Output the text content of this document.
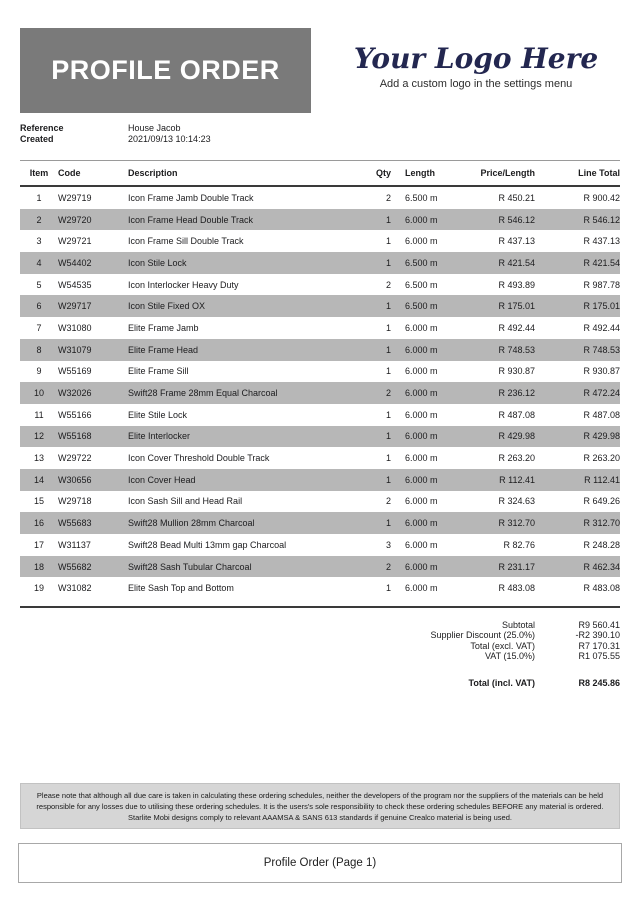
PROFILE ORDER	Your Logo Here
Add a custom logo in the settings menu
Reference	House Jacob
Created	2021/09/13 10:14:23
Item	Code	Description	Qty	Length	Price/Length	Line Total
1	W29719	Icon Frame Jamb Double Track	2	6.500 m	R 450.21	R 900.42
2	W29720	Icon Frame Head Double Track	1	6.000 m	R 546.12	R 546.12
3	W29721	Icon Frame Sill Double Track	1	6.000 m	R 437.13	R 437.13
4	W54402	Icon Stile Lock	1	6.500 m	R 421.54	R 421.54
5	W54535	Icon Interlocker Heavy Duty	2	6.500 m	R 493.89	R 987.78
6	W29717	Icon Stile Fixed OX	1	6.500 m	R 175.01	R 175.01
7	W31080	Elite Frame Jamb	1	6.000 m	R 492.44	R 492.44
8	W31079	Elite Frame Head	1	6.000 m	R 748.53	R 748.53
9	W55169	Elite Frame Sill	1	6.000 m	R 930.87	R 930.87
10	W32026	Swift28 Frame 28mm Equal Charcoal	2	6.000 m	R 236.12	R 472.24
11	W55166	Elite Stile Lock	1	6.000 m	R 487.08	R 487.08
12	W55168	Elite Interlocker	1	6.000 m	R 429.98	R 429.98
13	W29722	Icon Cover Threshold Double Track	1	6.000 m	R 263.20	R 263.20
14	W30656	Icon Cover Head	1	6.000 m	R 112.41	R 112.41
15	W29718	Icon Sash Sill and Head Rail	2	6.000 m	R 324.63	R 649.26
16	W55683	Swift28 Mullion 28mm Charcoal	1	6.000 m	R 312.70	R 312.70
17	W31137	Swift28 Bead Multi 13mm gap Charcoal	3	6.000 m	R 82.76	R 248.28
18	W55682	Swift28 Sash Tubular Charcoal	2	6.000 m	R 231.17	R 462.34
19	W31082	Elite Sash Top and Bottom	1	6.000 m	R 483.08	R 483.08
Subtotal	R9 560.41
Supplier Discount (25.0%)	-R2 390.10
Total (excl. VAT)	R7 170.31
VAT (15.0%)	R1 075.55
Total (incl. VAT)	R8 245.86
Please note that although all due care is taken in calculating these ordering schedules, neither the developers of the program nor the suppliers of the materials can be held responsible for any losses due to utilising these ordering schedules. It is the users's sole responsibility to check these ordering schedules BEFORE any material is ordered. Starlite Mobi designs comply to relevant AAAMSA & SANS 613 standards if genuine Crealco material is being used.
Profile Order (Page 1)
